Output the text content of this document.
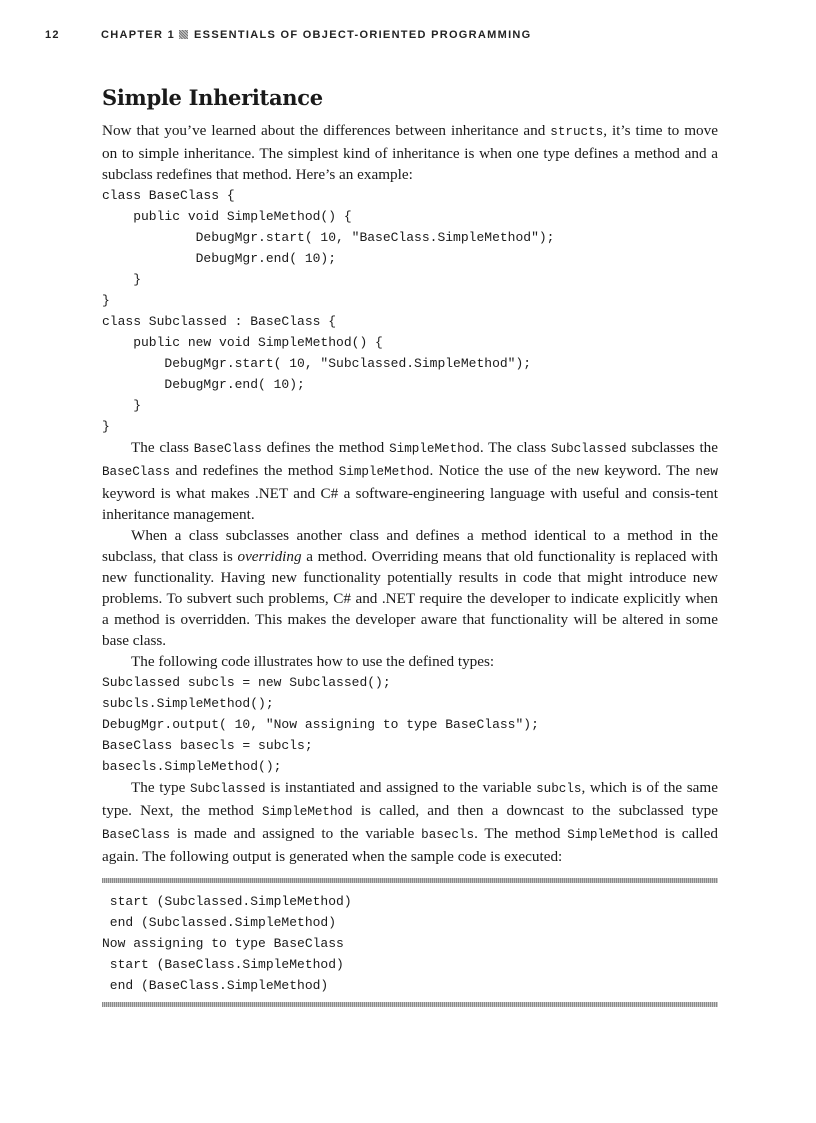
12	CHAPTER 1 ESSENTIALS OF OBJECT-ORIENTED PROGRAMMING
Simple Inheritance

Now that you’ve learned about the differences between inheritance and structs, it’s time to move on to simple inheritance. The simplest kind of inheritance is when one type defines a method and a subclass redefines that method. Here’s an example:

class BaseClass {
public void SimpleMethod() {
DebugMgr.start( 10, "BaseClass.SimpleMethod");
DebugMgr.end( 10);
}
}
class Subclassed : BaseClass {
public new void SimpleMethod() {
DebugMgr.start( 10, "Subclassed.SimpleMethod");
DebugMgr.end( 10);
}
}

The class BaseClass defines the method SimpleMethod. The class Subclassed subclasses the BaseClass and redefines the method SimpleMethod. Notice the use of the new keyword. The new keyword is what makes .NET and C# a software-engineering language with useful and consis-tent inheritance management.

When a class subclasses another class and defines a method identical to a method in the subclass, that class is overriding a method. Overriding means that old functionality is replaced with new functionality. Having new functionality potentially results in code that might introduce new problems. To subvert such problems, C# and .NET require the developer to indicate explicitly when a method is overridden. This makes the developer aware that functionality will be altered in some base class.

The following code illustrates how to use the defined types:

Subclassed subcls = new Subclassed();
subcls.SimpleMethod();
DebugMgr.output( 10, "Now assigning to type BaseClass");
BaseClass basecls = subcls;
basecls.SimpleMethod();

The type Subclassed is instantiated and assigned to the variable subcls, which is of the same type. Next, the method SimpleMethod is called, and then a downcast to the subclassed type BaseClass is made and assigned to the variable basecls. The method SimpleMethod is called again. The following output is generated when the sample code is executed:

start (Subclassed.SimpleMethod)
end (Subclassed.SimpleMethod)
Now assigning to type BaseClass
start (BaseClass.SimpleMethod)
end (BaseClass.SimpleMethod)
